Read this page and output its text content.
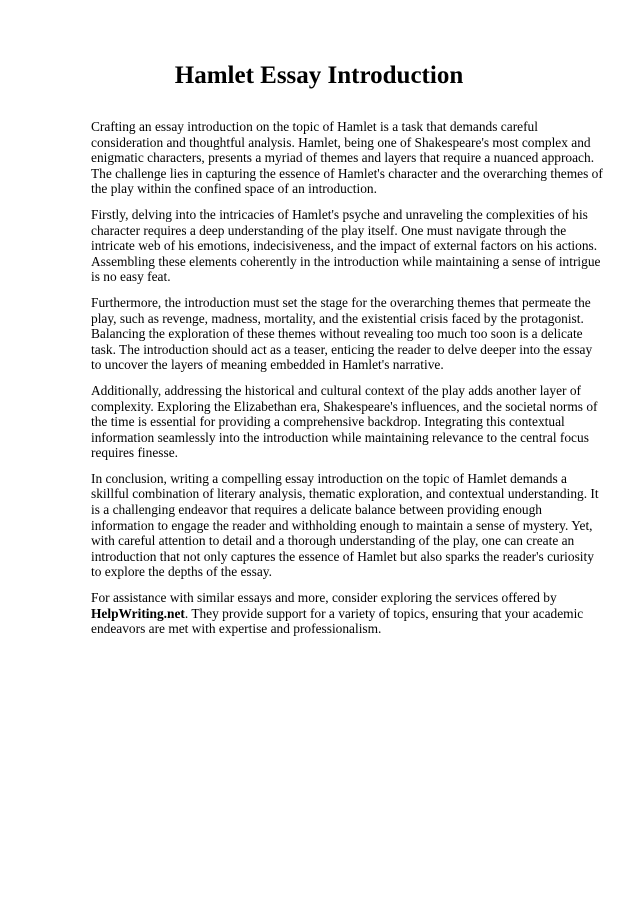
Hamlet Essay Introduction

Crafting an essay introduction on the topic of Hamlet is a task that demands careful consideration and thoughtful analysis. Hamlet, being one of Shakespeare's most complex and enigmatic characters, presents a myriad of themes and layers that require a nuanced approach. The challenge lies in capturing the essence of Hamlet's character and the overarching themes of the play within the confined space of an introduction.

Firstly, delving into the intricacies of Hamlet's psyche and unraveling the complexities of his character requires a deep understanding of the play itself. One must navigate through the intricate web of his emotions, indecisiveness, and the impact of external factors on his actions. Assembling these elements coherently in the introduction while maintaining a sense of intrigue is no easy feat.

Furthermore, the introduction must set the stage for the overarching themes that permeate the play, such as revenge, madness, mortality, and the existential crisis faced by the protagonist. Balancing the exploration of these themes without revealing too much too soon is a delicate task. The introduction should act as a teaser, enticing the reader to delve deeper into the essay to uncover the layers of meaning embedded in Hamlet's narrative.

Additionally, addressing the historical and cultural context of the play adds another layer of complexity. Exploring the Elizabethan era, Shakespeare's influences, and the societal norms of the time is essential for providing a comprehensive backdrop. Integrating this contextual information seamlessly into the introduction while maintaining relevance to the central focus requires finesse.

In conclusion, writing a compelling essay introduction on the topic of Hamlet demands a skillful combination of literary analysis, thematic exploration, and contextual understanding. It is a challenging endeavor that requires a delicate balance between providing enough information to engage the reader and withholding enough to maintain a sense of mystery. Yet, with careful attention to detail and a thorough understanding of the play, one can create an introduction that not only captures the essence of Hamlet but also sparks the reader's curiosity to explore the depths of the essay.

For assistance with similar essays and more, consider exploring the services offered by HelpWriting.net. They provide support for a variety of topics, ensuring that your academic endeavors are met with expertise and professionalism.
